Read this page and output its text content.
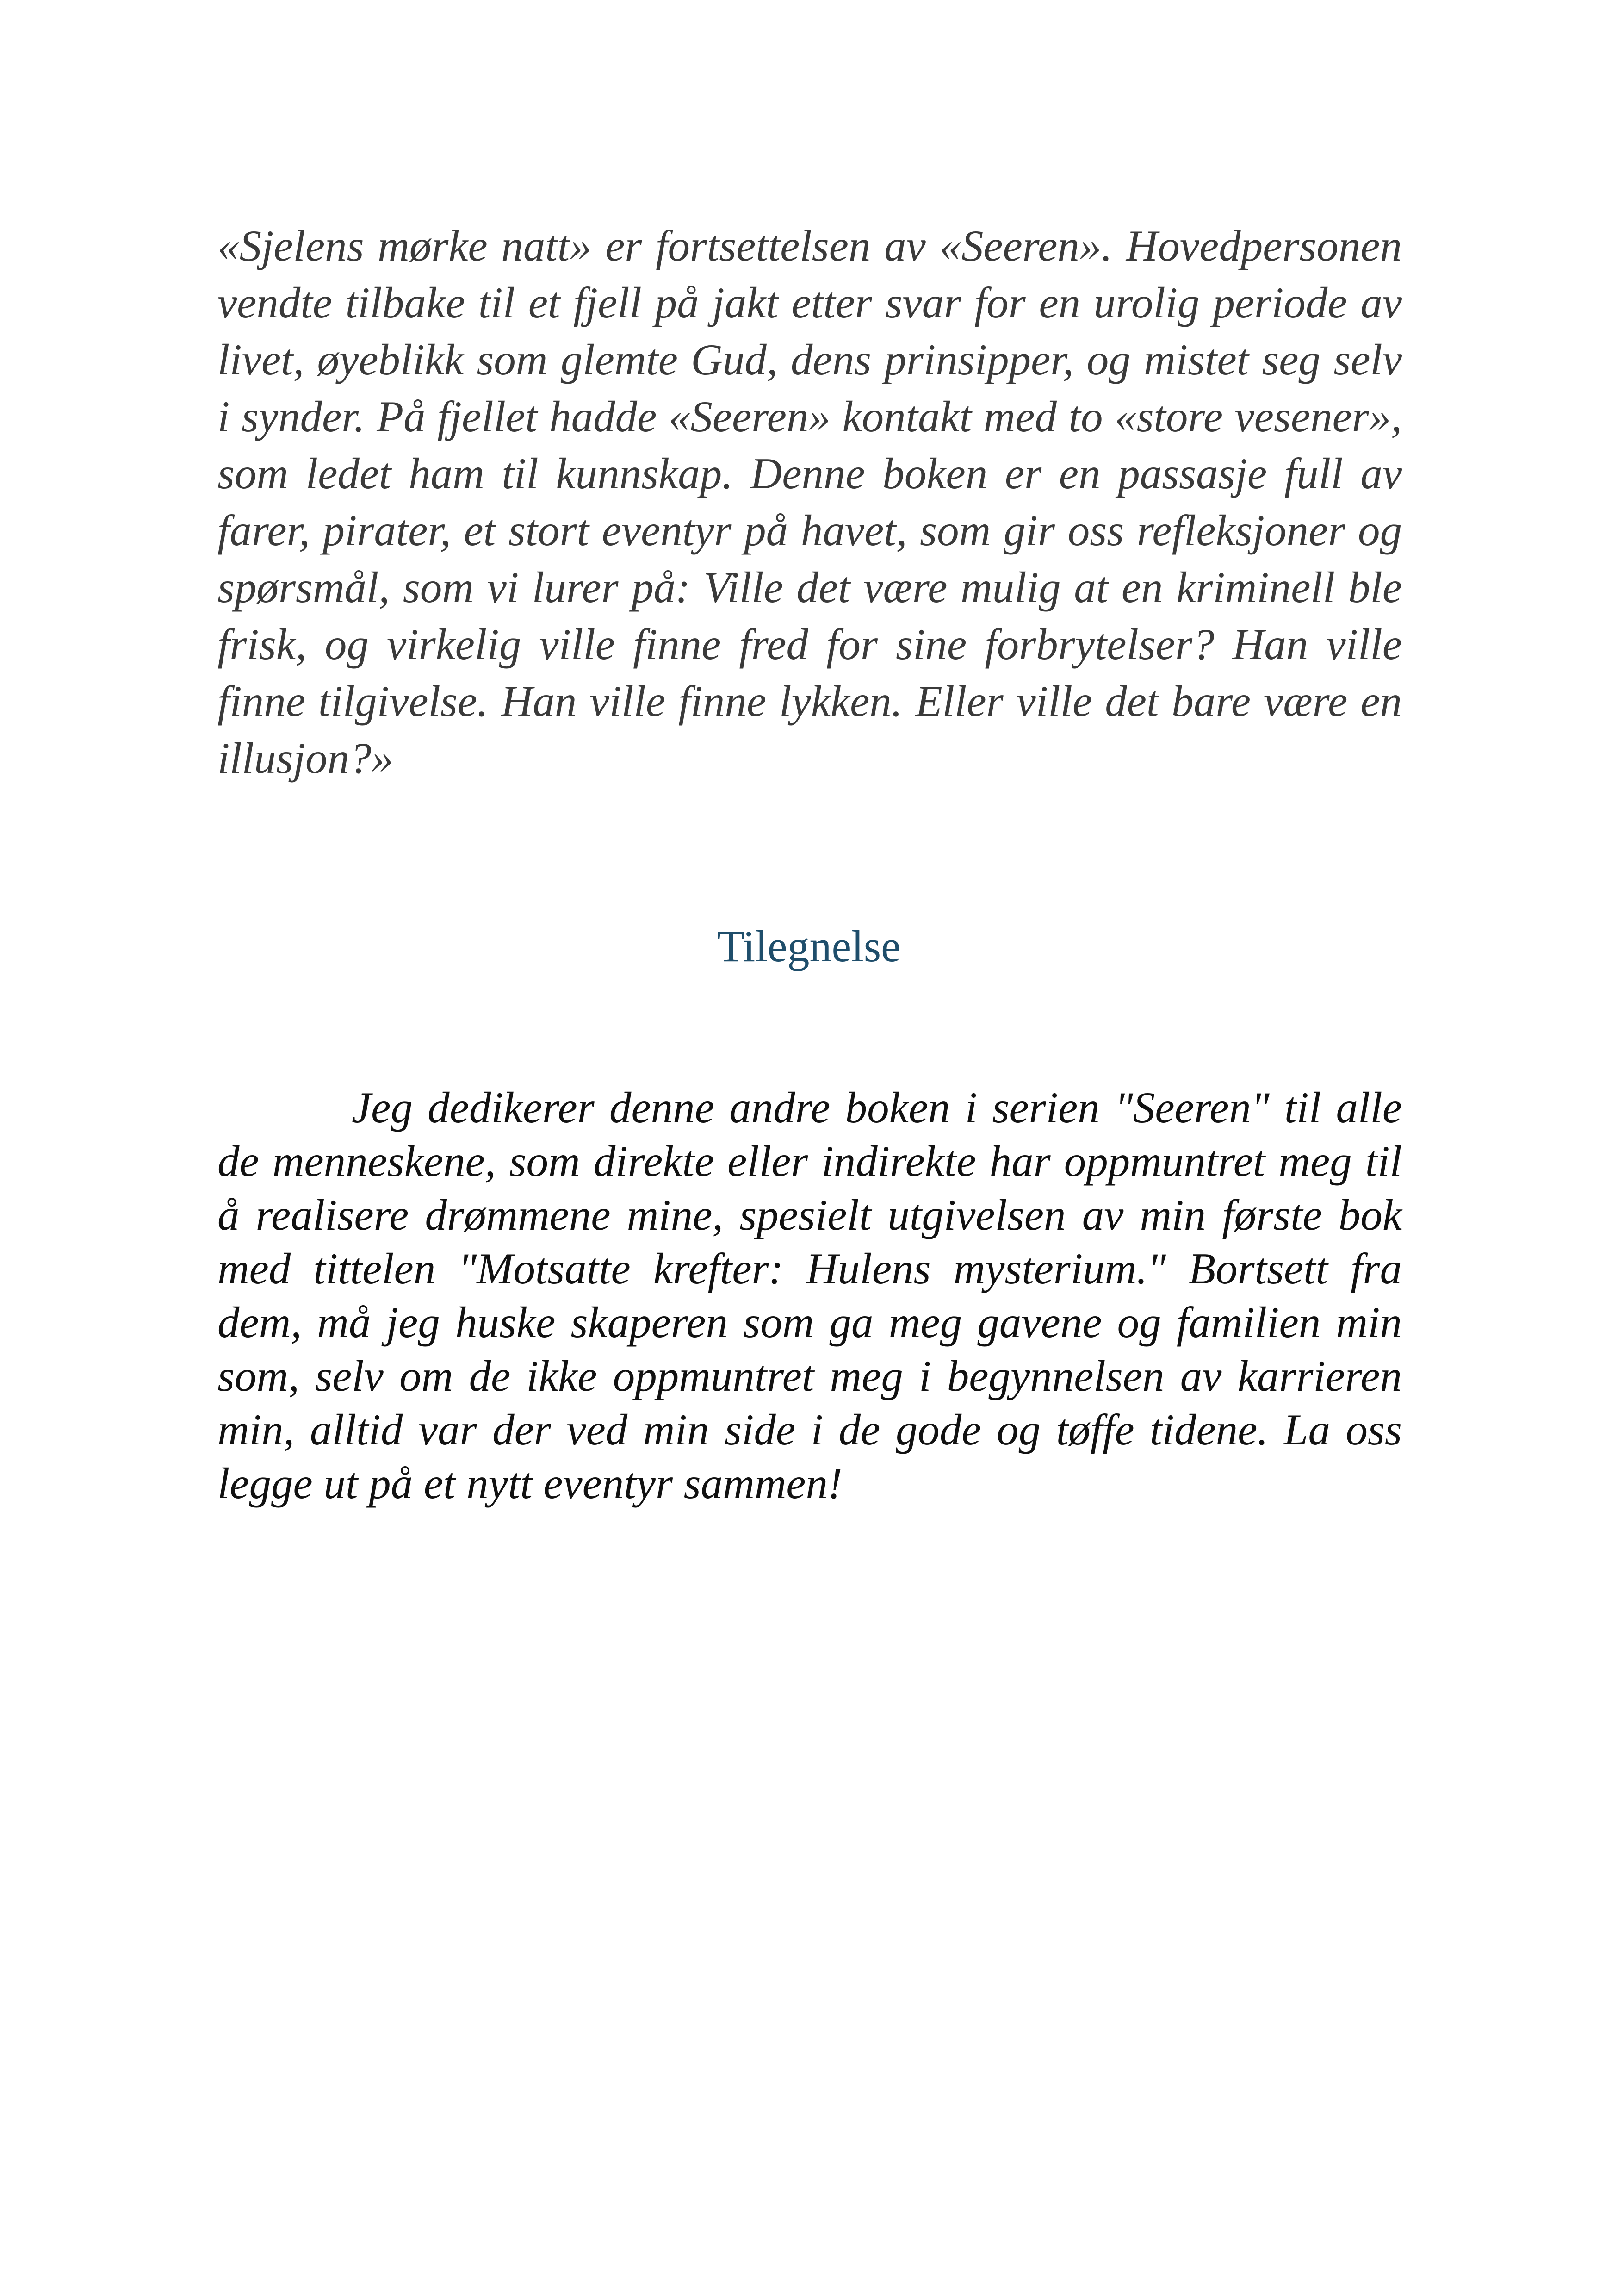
«Sjelens mørke natt» er fortsettelsen av «Seeren». Hovedpersonen vendte tilbake til et fjell på jakt etter svar for en urolig periode av livet, øyeblikk som glemte Gud, dens prinsipper, og mistet seg selv i synder. På fjellet hadde «Seeren» kontakt med to «store vesener», som ledet ham til kunnskap. Denne boken er en passasje full av farer, pirater, et stort eventyr på havet, som gir oss refleksjoner og spørsmål, som vi lurer på: Ville det være mulig at en kriminell ble frisk, og virkelig ville finne fred for sine forbrytelser? Han ville finne tilgivelse. Han ville finne lykken. Eller ville det bare være en illusjon?»

Tilegnelse

Jeg dedikerer denne andre boken i serien "Seeren" til alle de menneskene, som direkte eller indirekte har oppmuntret meg til å realisere drømmene mine, spesielt utgivelsen av min første bok med tittelen "Motsatte krefter: Hulens mysterium." Bortsett fra dem, må jeg huske skaperen som ga meg gavene og familien min som, selv om de ikke oppmuntret meg i begynnelsen av karrieren min, alltid var der ved min side i de gode og tøffe tidene. La oss legge ut på et nytt eventyr sammen!
